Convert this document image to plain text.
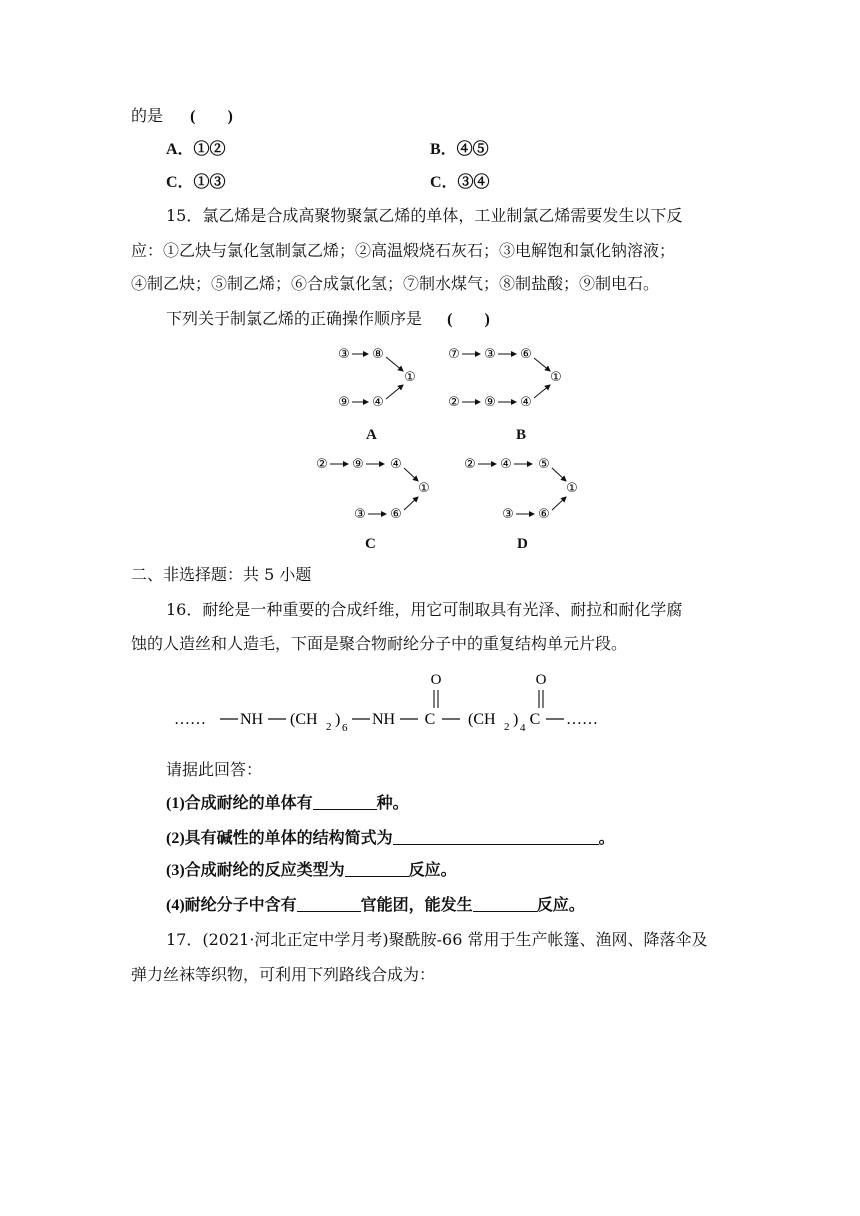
的是 (　　)
A．①②	B．④⑤
C．①③	C．③④
15．氯乙烯是合成高聚物聚氯乙烯的单体，工业制氯乙烯需要发生以下反
应：①乙炔与氯化氢制氯乙烯；②高温煅烧石灰石；③电解饱和氯化钠溶液；
④制乙炔；⑤制乙烯；⑥合成氯化氢；⑦制水煤气；⑧制盐酸；⑨制电石。
下列关于制氯乙烯的正确操作顺序是 (　　)
③ ⑧
①
⑨ ④
A
⑦ ③ ⑥
①
② ⑨ ④
B
② ⑨ ④
①
③ ⑥
C
② ④ ⑤
①
③ ⑥
D
二、非选择题：共 5 小题
16．耐纶是一种重要的合成纤维，用它可制取具有光泽、耐拉和耐化学腐
蚀的人造丝和人造毛，下面是聚合物耐纶分子中的重复结构单元片段。
…… NH (CH 2 ) 6 NH C
O
(CH 2 ) 4 C
O
……
请据此回答：
(1)合成耐纶的单体有	种。
(2)具有碱性的单体的结构简式为	。
(3)合成耐纶的反应类型为	反应。
(4)耐纶分子中含有	官能团，能发生	反应。
17．(2021·河北正定中学月考)聚酰胺-66 常用于生产帐篷、渔网、降落伞及
弹力丝袜等织物，可利用下列路线合成为：
